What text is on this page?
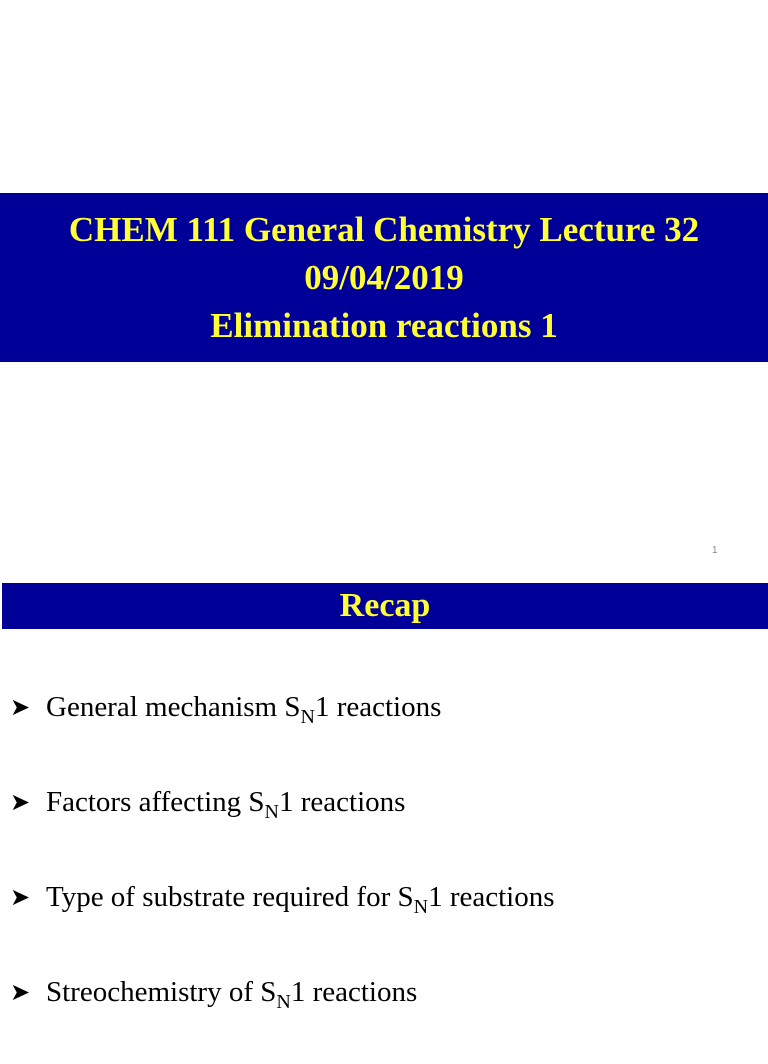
CHEM 111 General Chemistry Lecture 32
09/04/2019
Elimination reactions 1
1
Recap
➤ General mechanism $S_N1$ reactions
➤ Factors affecting $S_N1$ reactions
➤ Type of substrate required for $S_N1$ reactions
➤ Streochemistry of $S_N1$ reactions
